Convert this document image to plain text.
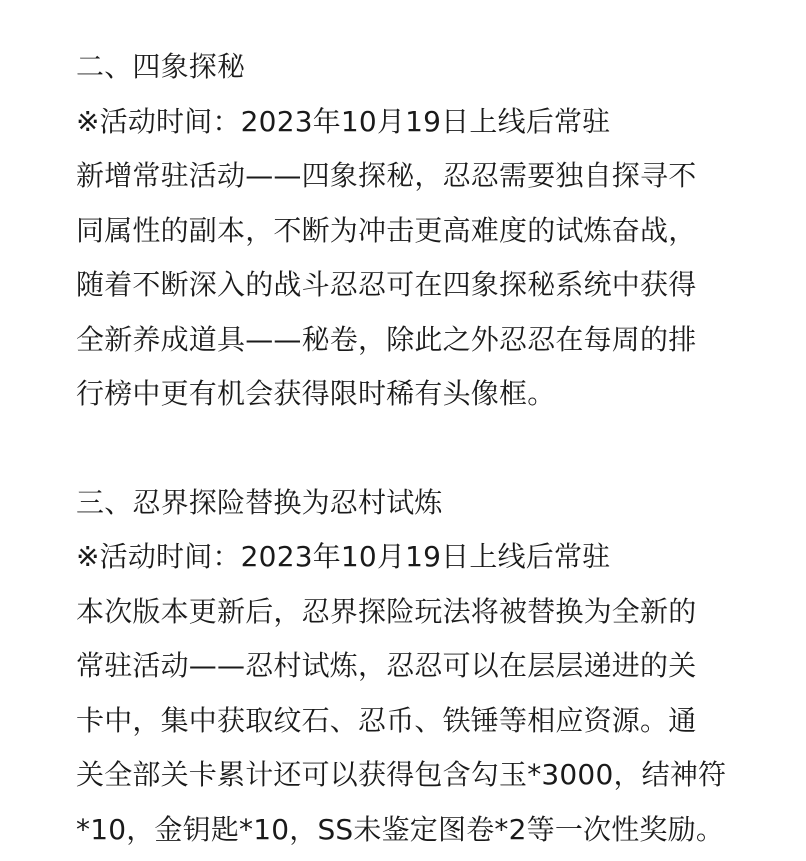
二、四象探秘
※活动时间：2023年10月19日上线后常驻
新增常驻活动——四象探秘，忍忍需要独自探寻不
同属性的副本，不断为冲击更高难度的试炼奋战，
随着不断深入的战斗忍忍可在四象探秘系统中获得
全新养成道具——秘卷，除此之外忍忍在每周的排
行榜中更有机会获得限时稀有头像框。
三、忍界探险替换为忍村试炼
※活动时间：2023年10月19日上线后常驻
本次版本更新后，忍界探险玩法将被替换为全新的
常驻活动——忍村试炼，忍忍可以在层层递进的关
卡中，集中获取纹石、忍币、铁锤等相应资源。通
关全部关卡累计还可以获得包含勾玉*3000，结神符
*10，金钥匙*10，SS未鉴定图卷*2等一次性奖励。
